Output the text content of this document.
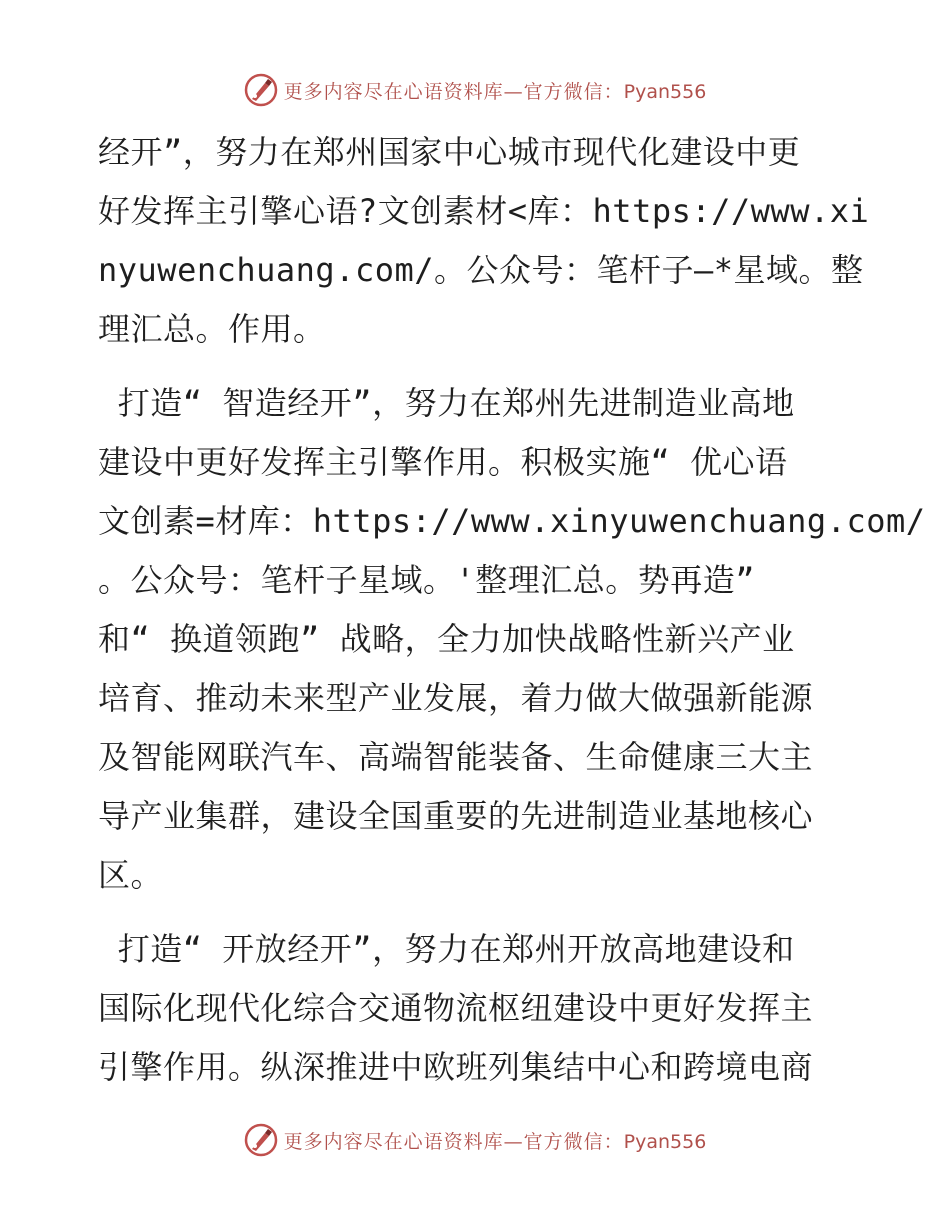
更多内容尽在心语资料库—官方微信：Pyan556
经开”，努力在郑州国家中心城市现代化建设中更
好发挥主引擎心语?文创素材<库：https://www.xi
nyuwenchuang.com/。公众号：笔杆子—*星域。整
理汇总。作用。
打造“ 智造经开”，努力在郑州先进制造业高地
建设中更好发挥主引擎作用。积极实施“ 优心语
文创素=材库：https://www.xinyuwenchuang.com/
。公众号：笔杆子星域。'整理汇总。势再造”
和“ 换道领跑” 战略，全力加快战略性新兴产业
培育、推动未来型产业发展，着力做大做强新能源
及智能网联汽车、高端智能装备、生命健康三大主
导产业集群，建设全国重要的先进制造业基地核心
区。
打造“ 开放经开”，努力在郑州开放高地建设和
国际化现代化综合交通物流枢纽建设中更好发挥主
引擎作用。纵深推进中欧班列集结中心和跨境电商
更多内容尽在心语资料库—官方微信：Pyan556
